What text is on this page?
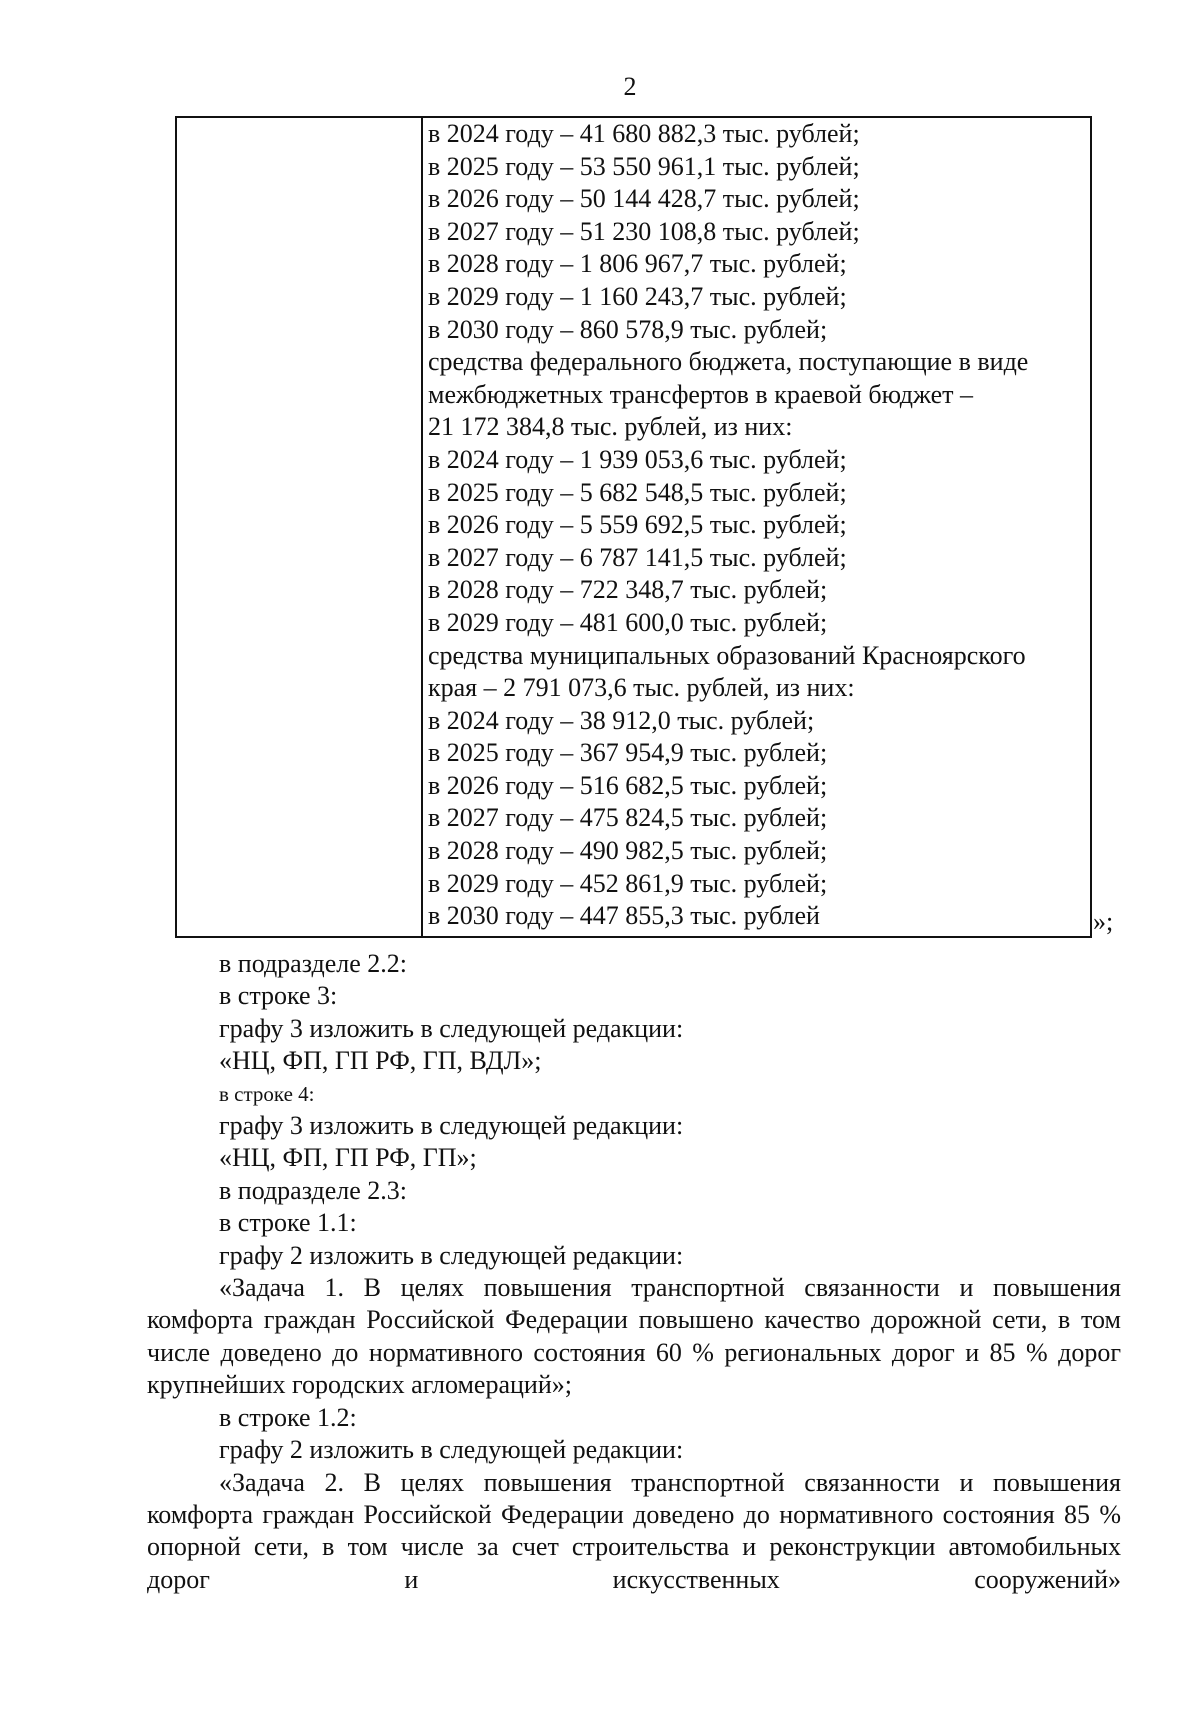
2
в 2024 году – 41 680 882,3 тыс. рублей;
в 2025 году – 53 550 961,1 тыс. рублей;
в 2026 году – 50 144 428,7 тыс. рублей;
в 2027 году – 51 230 108,8 тыс. рублей;
в 2028 году – 1 806 967,7 тыс. рублей;
в 2029 году – 1 160 243,7 тыс. рублей;
в 2030 году – 860 578,9 тыс. рублей;
средства федерального бюджета, поступающие в виде
межбюджетных трансфертов в краевой бюджет –
21 172 384,8 тыс. рублей, из них:
в 2024 году – 1 939 053,6 тыс. рублей;
в 2025 году – 5 682 548,5 тыс. рублей;
в 2026 году – 5 559 692,5 тыс. рублей;
в 2027 году – 6 787 141,5 тыс. рублей;
в 2028 году – 722 348,7 тыс. рублей;
в 2029 году – 481 600,0 тыс. рублей;
средства муниципальных образований Красноярского
края – 2 791 073,6 тыс. рублей, из них:
в 2024 году – 38 912,0 тыс. рублей;
в 2025 году – 367 954,9 тыс. рублей;
в 2026 году – 516 682,5 тыс. рублей;
в 2027 году – 475 824,5 тыс. рублей;
в 2028 году – 490 982,5 тыс. рублей;
в 2029 году – 452 861,9 тыс. рублей;
в 2030 году – 447 855,3 тыс. рублей	»;

в подразделе 2.2:

в строке 3:

графу 3 изложить в следующей редакции:

«НЦ, ФП, ГП РФ, ГП, ВДЛ»;

в строке 4:

графу 3 изложить в следующей редакции:

«НЦ, ФП, ГП РФ, ГП»;

в подразделе 2.3:

в строке 1.1:

графу 2 изложить в следующей редакции:

«Задача 1. В целях повышения транспортной связанности и повышения комфорта граждан Российской Федерации повышено качество дорожной сети, в том числе доведено до нормативного состояния 60 % региональных дорог и 85 % дорог крупнейших городских агломераций»;

в строке 1.2:

графу 2 изложить в следующей редакции:

«Задача 2. В целях повышения транспортной связанности и повышения комфорта граждан Российской Федерации доведено до нормативного состояния 85 % опорной сети, в том числе за счет строительства и реконструкции автомобильных дорог и искусственных сооружений»
